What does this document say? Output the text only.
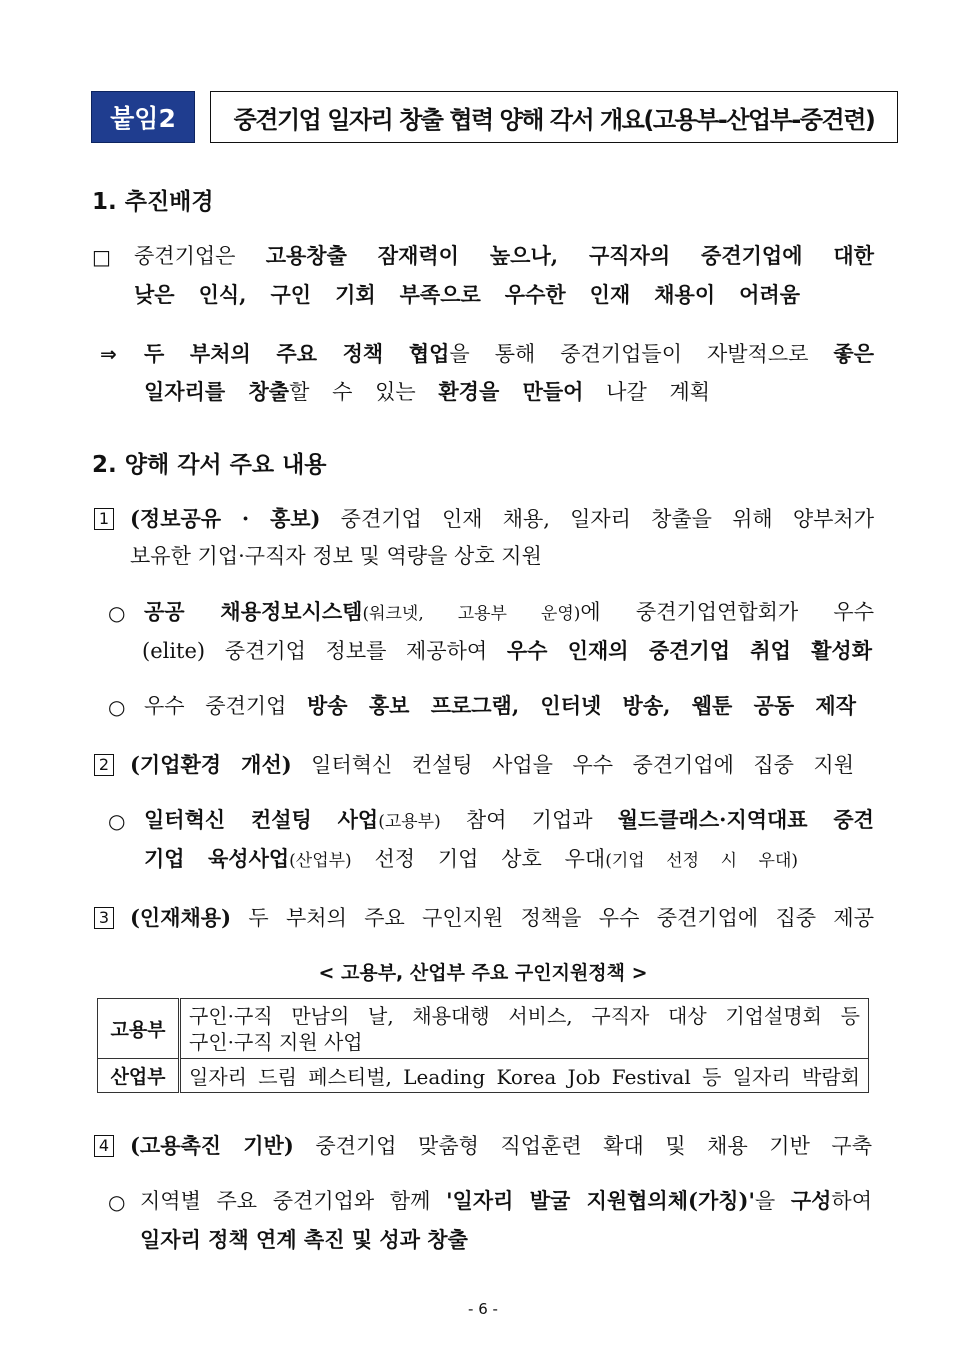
붙임2	중견기업 일자리 창출 협력 양해 각서 개요(고용부-산업부-중견련)
1. 추진배경
□ 중견기업은 고용창출 잠재력이 높으나, 구직자의 중견기업에 대한
낮은 인식, 구인 기회 부족으로 우수한 인재 채용이 어려움
⇒ 두 부처의 주요 정책 협업을 통해 중견기업들이 자발적으로 좋은
일자리를 창출할 수 있는 환경을 만들어 나갈 계획
2. 양해 각서 주요 내용
1 (정보공유 · 홍보) 중견기업 인재 채용, 일자리 창출을 위해 양부처가
보유한 기업·구직자 정보 및 역량을 상호 지원
○ 공공 채용정보시스템(워크넷, 고용부 운영)에 중견기업연합회가 우수
(elite) 중견기업 정보를 제공하여 우수 인재의 중견기업 취업 활성화
○ 우수 중견기업 방송 홍보 프로그램, 인터넷 방송, 웹툰 공동 제작
2 (기업환경 개선) 일터혁신 컨설팅 사업을 우수 중견기업에 집중 지원
○ 일터혁신 컨설팅 사업(고용부) 참여 기업과 월드클래스·지역대표 중견
기업 육성사업(산업부) 선정 기업 상호 우대(기업 선정 시 우대)
3 (인재채용) 두 부처의 주요 구인지원 정책을 우수 중견기업에 집중 제공
< 고용부, 산업부 주요 구인지원정책 >
고용부	구인·구직 만남의 날, 채용대행 서비스, 구직자 대상 기업설명회 등
구인·구직 지원 사업

산업부	일자리 드림 페스티벌, Leading Korea Job Festival 등 일자리 박람회
4 (고용촉진 기반) 중견기업 맞춤형 직업훈련 확대 및 채용 기반 구축
○ 지역별 주요 중견기업와 함께 '일자리 발굴 지원협의체(가칭)'을 구성하여
일자리 정책 연계 촉진 및 성과 창출
- 6 -
